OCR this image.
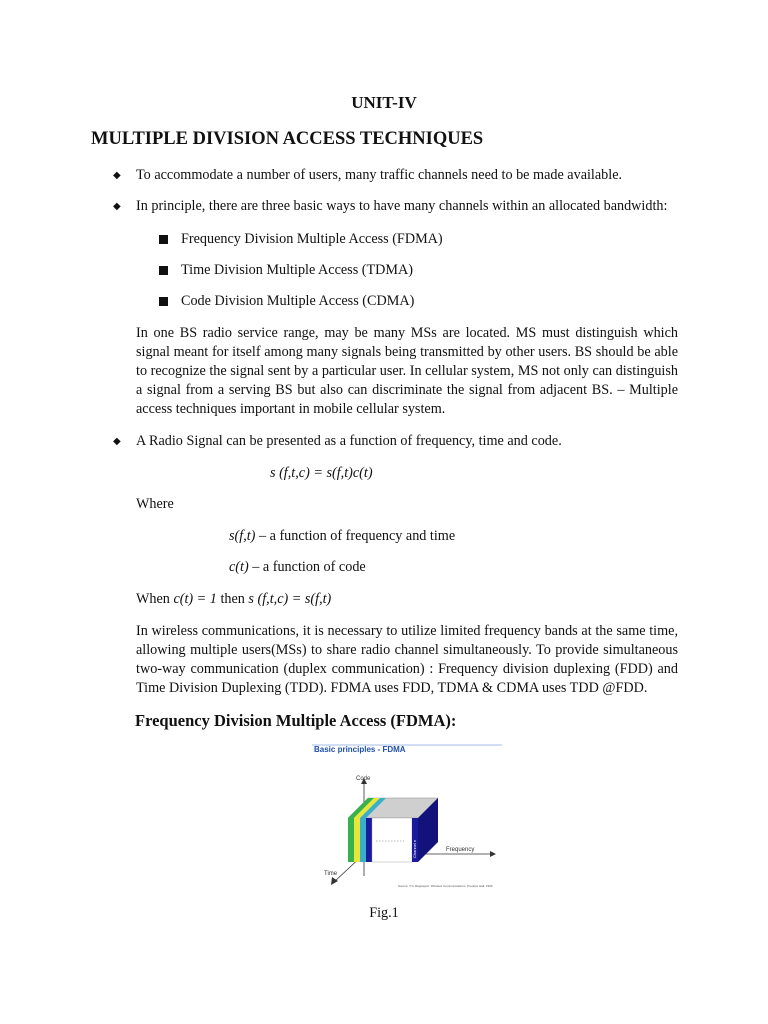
UNIT-IV
MULTIPLE DIVISION ACCESS TECHNIQUES
◆ To accommodate a number of users, many traffic channels need to be made available.
◆ In principle, there are three basic ways to have many channels within an allocated bandwidth:
Frequency Division Multiple Access (FDMA)
Time Division Multiple Access (TDMA)
Code Division Multiple Access (CDMA)
In one BS radio service range, may be many MSs are located. MS must distinguish which signal meant for itself among many signals being transmitted by other users. BS should be able to recognize the signal sent by a particular user. In cellular system, MS not only can distinguish a signal from a serving BS but also can discriminate the signal from adjacent BS. – Multiple access techniques important in mobile cellular system.
◆ A Radio Signal can be presented as a function of frequency, time and code.
s (f,t,c) = s(f,t)c(t)
Where
s(f,t) – a function of frequency and time
c(t) – a function of code
When c(t) = 1 then s (f,t,c) = s(f,t)
In wireless communications, it is necessary to utilize limited frequency bands at the same time, allowing multiple users(MSs) to share radio channel simultaneously. To provide simultaneous two-way communication (duplex communication) : Frequency division duplexing (FDD) and Time Division Duplexing (TDD). FDMA uses FDD, TDMA & CDMA uses TDD @FDD.
Frequency Division Multiple Access (FDMA):
Basic principles - FDMA
Code
Frequency
Time
Channel n
Source: T.S. Rappaport, Wireless Communications, Prentice Hall, 1996
Fig.1
